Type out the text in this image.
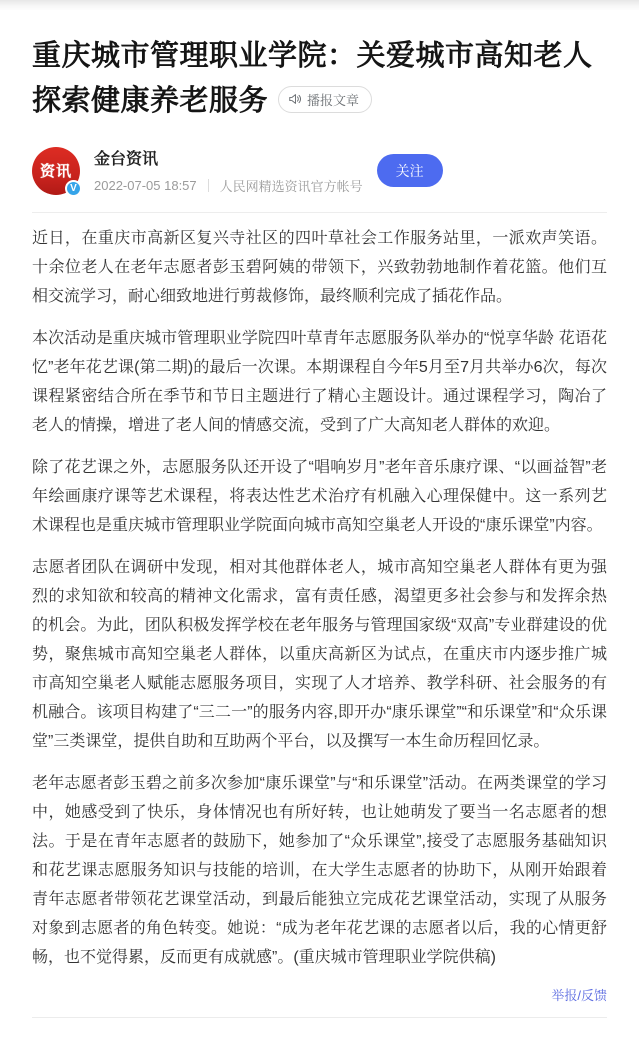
重庆城市管理职业学院：关爱城市高知老人 探索健康养老服务	播报文章
资讯
V
金台资讯
2022-07-05 18:57 人民网精选资讯官方帐号
关注

近日，在重庆市高新区复兴寺社区的四叶草社会工作服务站里，一派欢声笑语。十余位老人在老年志愿者彭玉碧阿姨的带领下，兴致勃勃地制作着花篮。他们互相交流学习，耐心细致地进行剪裁修饰，最终顺利完成了插花作品。

本次活动是重庆城市管理职业学院四叶草青年志愿服务队举办的“悦享华龄 花语花忆”老年花艺课(第二期)的最后一次课。本期课程自今年5月至7月共举办6次，每次课程紧密结合所在季节和节日主题进行了精心主题设计。通过课程学习，陶冶了老人的情操，增进了老人间的情感交流，受到了广大高知老人群体的欢迎。

除了花艺课之外，志愿服务队还开设了“唱响岁月”老年音乐康疗课、“以画益智”老年绘画康疗课等艺术课程，将表达性艺术治疗有机融入心理保健中。这一系列艺术课程也是重庆城市管理职业学院面向城市高知空巢老人开设的“康乐课堂”内容。

志愿者团队在调研中发现，相对其他群体老人，城市高知空巢老人群体有更为强烈的求知欲和较高的精神文化需求，富有责任感，渴望更多社会参与和发挥余热的机会。为此，团队积极发挥学校在老年服务与管理国家级“双高”专业群建设的优势，聚焦城市高知空巢老人群体，以重庆高新区为试点，在重庆市内逐步推广城市高知空巢老人赋能志愿服务项目，实现了人才培养、教学科研、社会服务的有机融合。该项目构建了“三二一”的服务内容,即开办“康乐课堂”“和乐课堂”和“众乐课堂”三类课堂，提供自助和互助两个平台，以及撰写一本生命历程回忆录。

老年志愿者彭玉碧之前多次参加“康乐课堂”与“和乐课堂”活动。在两类课堂的学习中，她感受到了快乐，身体情况也有所好转，也让她萌发了要当一名志愿者的想法。于是在青年志愿者的鼓励下，她参加了“众乐课堂”,接受了志愿服务基础知识和花艺课志愿服务知识与技能的培训，在大学生志愿者的协助下，从刚开始跟着青年志愿者带领花艺课堂活动，到最后能独立完成花艺课堂活动，实现了从服务对象到志愿者的角色转变。她说：“成为老年花艺课的志愿者以后，我的心情更舒畅，也不觉得累，反而更有成就感”。(重庆城市管理职业学院供稿)

举报/反馈
